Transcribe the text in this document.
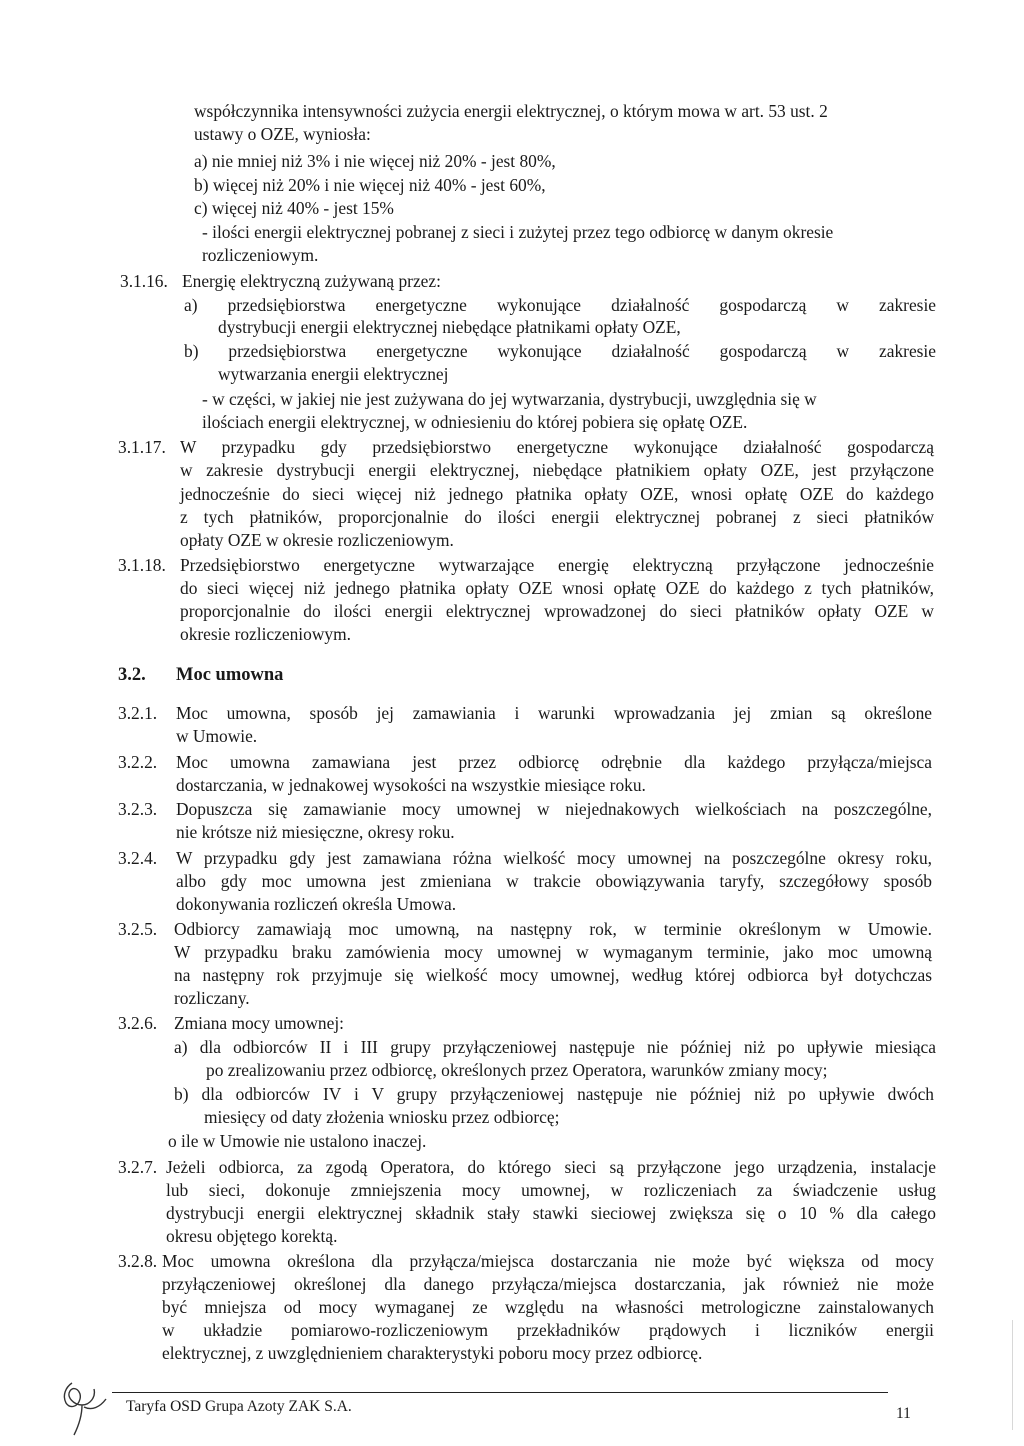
współczynnika intensywności zużycia energii elektrycznej, o którym mowa w art. 53 ust. 2
ustawy o OZE, wyniosła:
a) nie mniej niż 3% i nie więcej niż 20% - jest 80%,
b) więcej niż 20% i nie więcej niż 40% - jest 60%,
c) więcej niż 40% - jest 15%
- ilości energii elektrycznej pobranej z sieci i zużytej przez tego odbiorcę w danym okresie
rozliczeniowym.
3.1.16. Energię elektryczną zużywaną przez:
a) przedsiębiorstwa energetyczne wykonujące działalność gospodarczą w zakresie
dystrybucji energii elektrycznej niebędące płatnikami opłaty OZE,
b) przedsiębiorstwa energetyczne wykonujące działalność gospodarczą w zakresie
wytwarzania energii elektrycznej
- w części, w jakiej nie jest zużywana do jej wytwarzania, dystrybucji, uwzględnia się w
ilościach energii elektrycznej, w odniesieniu do której pobiera się opłatę OZE.
3.1.17. W przypadku gdy przedsiębiorstwo energetyczne wykonujące działalność gospodarczą
w zakresie dystrybucji energii elektrycznej, niebędące płatnikiem opłaty OZE, jest przyłączone
jednocześnie do sieci więcej niż jednego płatnika opłaty OZE, wnosi opłatę OZE do każdego
z tych płatników, proporcjonalnie do ilości energii elektrycznej pobranej z sieci płatników
opłaty OZE w okresie rozliczeniowym.
3.1.18. Przedsiębiorstwo energetyczne wytwarzające energię elektryczną przyłączone jednocześnie
do sieci więcej niż jednego płatnika opłaty OZE wnosi opłatę OZE do każdego z tych płatników,
proporcjonalnie do ilości energii elektrycznej wprowadzonej do sieci płatników opłaty OZE w
okresie rozliczeniowym.
3.2. Moc umowna
3.2.1. Moc umowna, sposób jej zamawiania i warunki wprowadzania jej zmian są określone
w Umowie.
3.2.2. Moc umowna zamawiana jest przez odbiorcę odrębnie dla każdego przyłącza/miejsca
dostarczania, w jednakowej wysokości na wszystkie miesiące roku.
3.2.3. Dopuszcza się zamawianie mocy umownej w niejednakowych wielkościach na poszczególne,
nie krótsze niż miesięczne, okresy roku.
3.2.4. W przypadku gdy jest zamawiana różna wielkość mocy umownej na poszczególne okresy roku,
albo gdy moc umowna jest zmieniana w trakcie obowiązywania taryfy, szczegółowy sposób
dokonywania rozliczeń określa Umowa.
3.2.5. Odbiorcy zamawiają moc umowną, na następny rok, w terminie określonym w Umowie.
W przypadku braku zamówienia mocy umownej w wymaganym terminie, jako moc umowną
na następny rok przyjmuje się wielkość mocy umownej, według której odbiorca był dotychczas
rozliczany.
3.2.6. Zmiana mocy umownej:
a) dla odbiorców II i III grupy przyłączeniowej następuje nie później niż po upływie miesiąca
po zrealizowaniu przez odbiorcę, określonych przez Operatora, warunków zmiany mocy;
b) dla odbiorców IV i V grupy przyłączeniowej następuje nie później niż po upływie dwóch
miesięcy od daty złożenia wniosku przez odbiorcę;
o ile w Umowie nie ustalono inaczej.
3.2.7. Jeżeli odbiorca, za zgodą Operatora, do którego sieci są przyłączone jego urządzenia, instalacje
lub sieci, dokonuje zmniejszenia mocy umownej, w rozliczeniach za świadczenie usług
dystrybucji energii elektrycznej składnik stały stawki sieciowej zwiększa się o 10 % dla całego
okresu objętego korektą.
3.2.8. Moc umowna określona dla przyłącza/miejsca dostarczania nie może być większa od mocy
przyłączeniowej określonej dla danego przyłącza/miejsca dostarczania, jak również nie może
być mniejsza od mocy wymaganej ze względu na własności metrologiczne zainstalowanych
w układzie pomiarowo-rozliczeniowym przekładników prądowych i liczników energii
elektrycznej, z uwzględnieniem charakterystyki poboru mocy przez odbiorcę.
Taryfa OSD Grupa Azoty ZAK S.A.	11
